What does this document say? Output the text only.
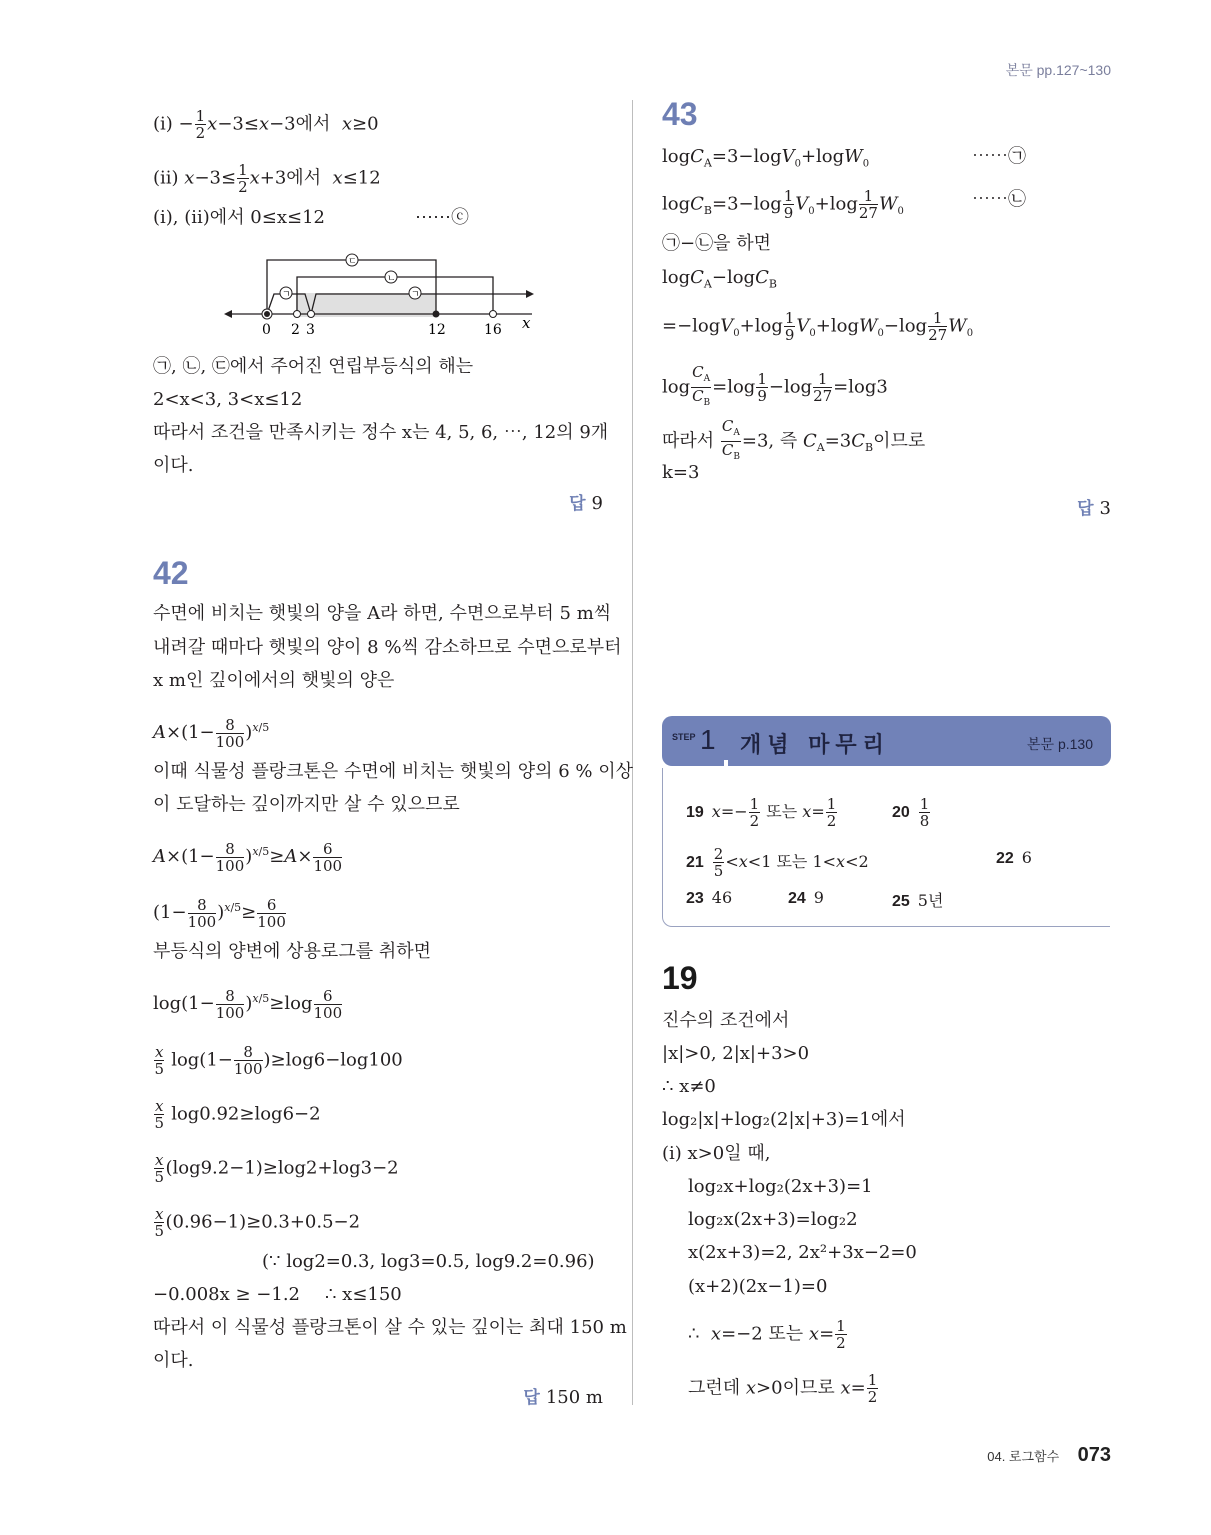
본문 pp.127~130
(ⅰ) − $\frac{1}{2} x-3\le x-3$에서  x≥0
(ⅱ) $x-3\le \frac{1}{2} x+3$에서  x≤12
(ⅰ), (ⅱ)에서 0≤x≤12	⋯⋯ⓒ
ㄷ
ㄴ
ㄱ	ㄱ
0 2 3	12	16 x
㉠, ㉡, ㉢에서 주어진 연립부등식의 해는
2<x<3, 3<x≤12
따라서 조건을 만족시키는 정수 x는 4, 5, 6, ⋯, 12의 9개
이다.
답 9
42
수면에 비치는 햇빛의 양을 A라 하면, 수면으로부터 5 m씩
내려갈 때마다 햇빛의 양이 8 %씩 감소하므로 수면으로부터
x m인 깊이에서의 햇빛의 양은
$A\times(1- \frac{8}{100} )^{x/5}$
이때 식물성 플랑크톤은 수면에 비치는 햇빛의 양의 6 % 이상
이 도달하는 깊이까지만 살 수 있으므로
$A\times(1- \frac{8}{100} )^{x/5}\ge A\times \frac{6}{100}$
$(1- \frac{8}{100} )^{x/5}\ge \frac{6}{100}$
부등식의 양변에 상용로그를 취하면
$\log(1- \frac{8}{100} )^{x/5}\ge\log \frac{6}{100}$
$\frac{x}{5} \log(1- \frac{8}{100} )\ge\log 6-\log 100$
$\frac{x}{5} \log 0.92\ge\log 6-2$
$\frac{x}{5} (\log 9.2-1)\ge\log 2+\log 3-2$
$\frac{x}{5} (0.96-1)\ge 0.3+0.5-2$
(∵ log2=0.3, log3=0.5, log9.2=0.96)
−0.008x ≥ −1.2 ∴ x≤150
따라서 이 식물성 플랑크톤이 살 수 있는 깊이는 최대 150 m
이다.
답 150 m
43
logC$_A$=3−logV$_0$+logW$_0$	⋯⋯㉠
$\log C_B=3-\log \frac{1}{9} V_0+\log \frac{1}{27} W_0$
⋯⋯㉡
㉠−㉡을 하면
logC$_A$−logC$_B$
$=-\log V_0+\log \frac{1}{9} V_0+\log W_0-\log \frac{1}{27} W_0$
$\log \frac{C_A}{C_B} =\log \frac{1}{9} -\log \frac{1}{27} =\log 3$
따라서 $\frac{C_A}{C_B} =3$, 즉 $C_A=3C_B$이므로
k=3
답 3
STEP 1 개념 마무리	본문 p.130
19 $x=- \frac{1}{2}$ 또는 $x= \frac{1}{2}$	$20 \frac{1}{8}$
$21 \frac{2}{5} <x<1$ 또는 1<x<2	22 6
23 46	24 9	25 5년
19
진수의 조건에서
|x|>0, 2|x|+3>0
∴ x≠0
log₂|x|+log₂(2|x|+3)=1에서
(ⅰ) x>0일 때,
log₂x+log₂(2x+3)=1
log₂x(2x+3)=log₂2
x(2x+3)=2, 2x²+3x−2=0
(x+2)(2x−1)=0
∴  x=−2 또는 $x= \frac{1}{2}$
그런데 x>0이므로 $x= \frac{1}{2}$
04. 로그함수 073
